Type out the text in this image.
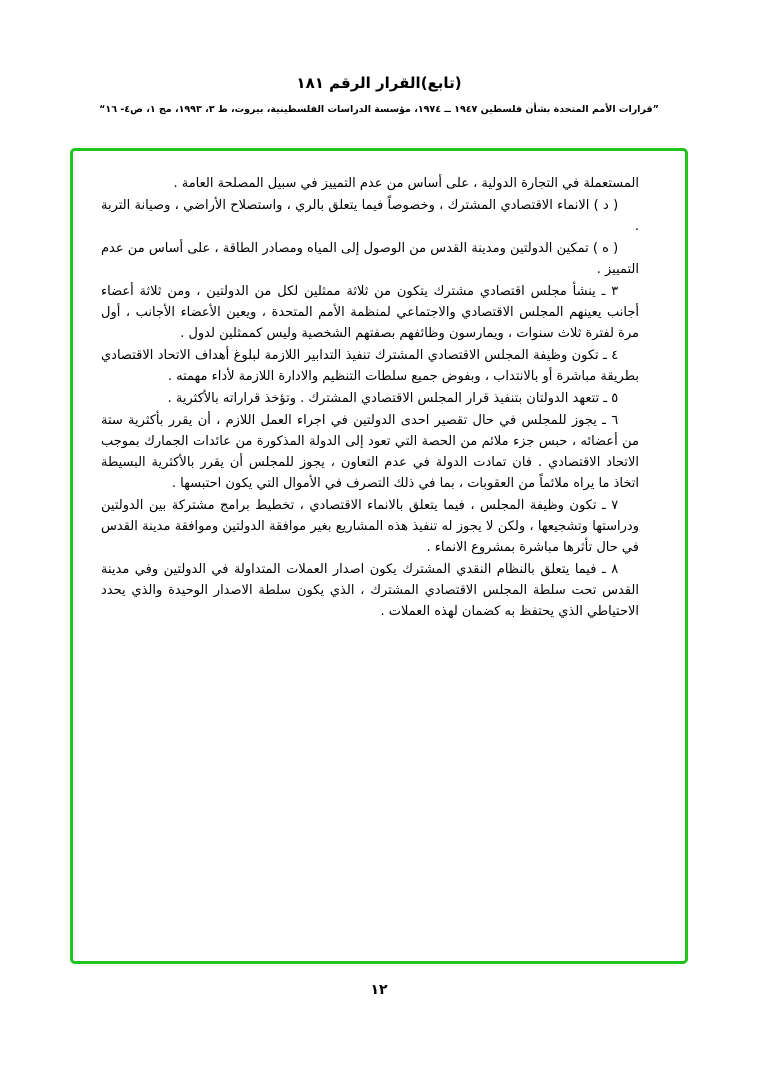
(تابع)القرار الرقم ١٨١
”قرارات الأمم المتحدة بشأن فلسطين ١٩٤٧ ــ ١٩٧٤، مؤسسة الدراسات الفلسطينية، بيروت، ط ٣، ١٩٩٣، مج ١، ص٤- ١٦“

المستعملة في التجارة الدولية ، على أساس من عدم التمييز في سبيل المصلحة العامة .

( د ) الانماء الاقتصادي المشترك ، وخصوصاً فيما يتعلق بالري ، واستصلاح الأراضي ، وصيانة التربة .

( ه ) تمكين الدولتين ومدينة القدس من الوصول إلى المياه ومصادر الطاقة ، على أساس من عدم التمييز .

٣ ـ ينشأ مجلس اقتصادي مشترك يتكون من ثلاثة ممثلين لكل من الدولتين ، ومن ثلاثة أعضاء أجانب يعينهم المجلس الاقتصادي والاجتماعي لمنظمة الأمم المتحدة ، ويعين الأعضاء الأجانب ، أول مرة لفترة ثلاث سنوات ، ويمارسون وظائفهم بصفتهم الشخصية وليس كممثلين لدول .

٤ ـ تكون وظيفة المجلس الاقتصادي المشترك تنفيذ التدابير اللازمة لبلوغ أهداف الاتحاد الاقتصادي بطريقة مباشرة أو بالانتداب ، وبفوض جميع سلطات التنظيم والادارة اللازمة لأداء مهمته .

٥ ـ تتعهد الدولتان بتنفيذ قرار المجلس الاقتصادي المشترك . وتؤخذ قراراته بالأكثرية .

٦ ـ يجوز للمجلس في حال تقصير احدى الدولتين في اجراء العمل اللازم ، أن يقرر بأكثرية ستة من أعضائه ، حبس جزء ملائم من الحصة التي تعود إلى الدولة المذكورة من عائدات الجمارك بموجب الاتحاد الاقتصادي . فان تمادت الدولة في عدم التعاون ، يجوز للمجلس أن يقرر بالأكثرية البسيطة اتخاذ ما يراه ملائماً من العقوبات ، بما في ذلك التصرف في الأموال التي يكون احتبسها .

٧ ـ تكون وظيفة المجلس ، فيما يتعلق بالانماء الاقتصادي ، تخطيط برامج مشتركة بين الدولتين ودراستها وتشجيعها ، ولكن لا يجوز له تنفيذ هذه المشاريع بغير موافقة الدولتين وموافقة مدينة القدس في حال تأثرها مباشرة بمشروع الانماء .

٨ ـ فيما يتعلق بالنظام النقدي المشترك يكون اصدار العملات المتداولة في الدولتين وفي مدينة القدس تحت سلطة المجلس الاقتصادي المشترك ، الذي يكون سلطة الاصدار الوحيدة والذي يحدد الاحتياطي الذي يحتفظ به كضمان لهذه العملات .

١٢
